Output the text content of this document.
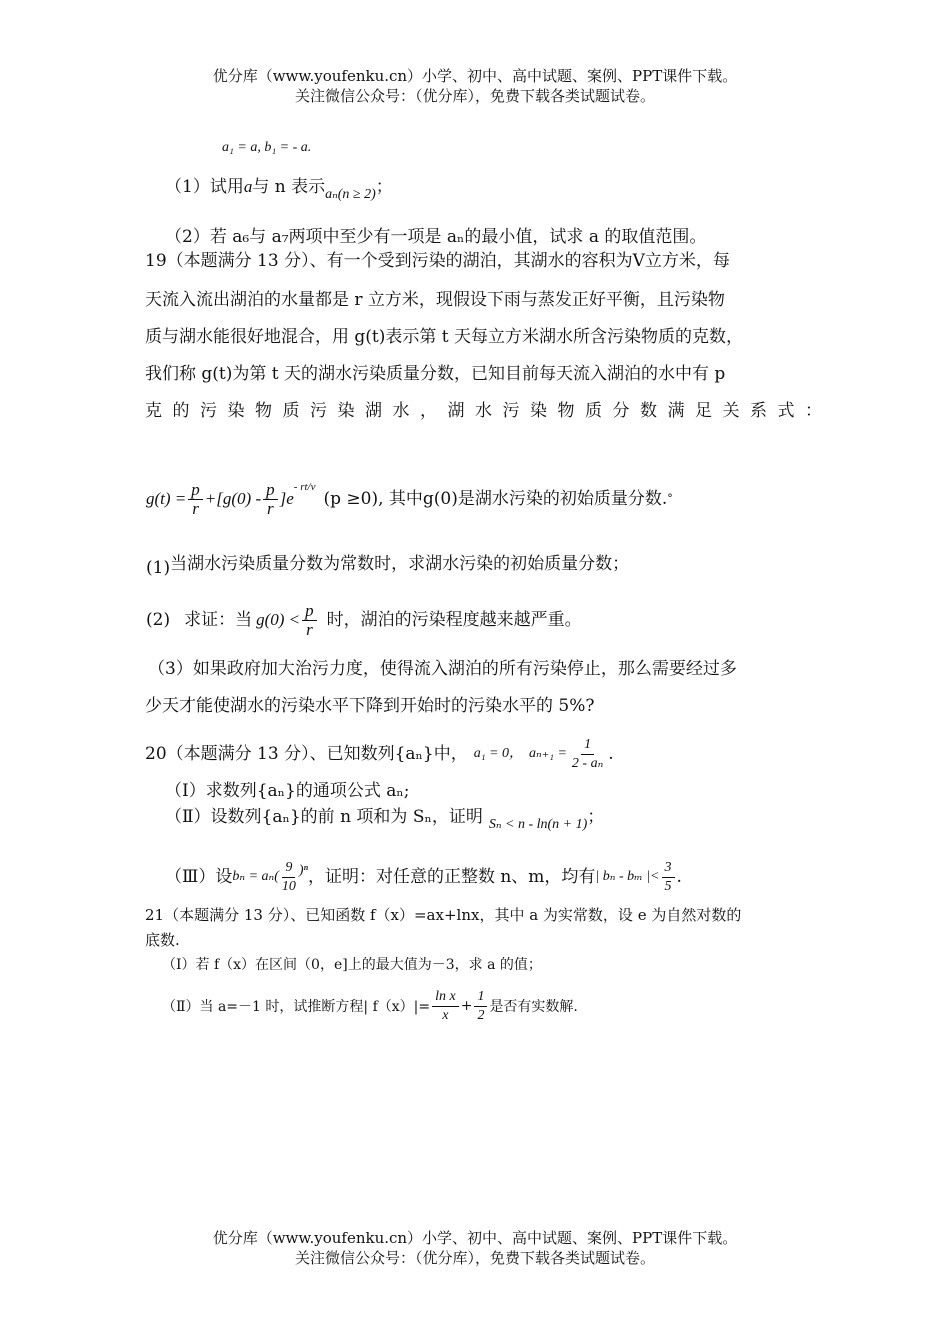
优分库（www.youfenku.cn）小学、初中、高中试题、案例、PPT课件下载。
关注微信公众号：（优分库），免费下载各类试题试卷。
a₁ = a, b₁ = - a.
（1）试用a与 n 表示$_{a_n(n \ge 2)}$；
（2）若 a₆与 a₇两项中至少有一项是 aₙ的最小值，试求 a 的取值范围。
19（本题满分 13 分）、有一个受到污染的湖泊，其湖水的容积为Ⅴ立方米，每
天流入流出湖泊的水量都是 r 立方米，现假设下雨与蒸发正好平衡，且污染物
质与湖水能很好地混合，用 g(t)表示第 t 天每立方米湖水所含污染物质的克数，
我们称 g(t)为第 t 天的湖水污染质量分数，已知目前每天流入湖泊的水中有 p
克的污染物质污染湖水，湖水污染物质分数满足关系式：
$g(t) = \frac{p}{r} +[g(0) - \frac{p}{r} ]e$
$^{- rt/v}$
(p ≥0), 其中g(0)是湖水污染的初始质量分数. °
(1)当湖水污染质量分数为常数时，求湖水污染的初始质量分数；
(2) 求证：当 $g(0) < \frac{p}{r}$ 时，湖泊的污染程度越来越严重。
（3）如果政府加大治污力度，使得流入湖泊的所有污染停止，那么需要经过多
少天才能使湖水的污染水平下降到开始时的污染水平的 5%?
20（本题满分 13 分）、已知数列{aₙ}中， a₁ = 0， $a_{n+1} = \frac{1}{\text{2 - aₙ}}$ .
（Ⅰ）求数列{aₙ}的通项公式 aₙ;
（Ⅱ）设数列{aₙ}的前 n 项和为 Sₙ，证明 $_{S_n < n - ln(n + 1)}$；
（Ⅲ）设 $b_n = a_n( \frac{9}{10} )^n$ ，证明：对任意的正整数 n、m，均有 | bₙ - bₘ |< $\frac{3}{5}$ .
21（本题满分 13 分）、已知函数 f（x）=ax+lnx，其中 a 为实常数，设 e 为自然对数的
底数.
（Ⅰ）若 f（x）在区间（0，e]上的最大值为－3，求 a 的值；
（Ⅱ）当 a=－1 时，试推断方程| $f(x)|= \frac{\text{ln x}}{x} + \frac{1}{2}$ 是否有实数解.
优分库（www.youfenku.cn）小学、初中、高中试题、案例、PPT课件下载。
关注微信公众号：（优分库），免费下载各类试题试卷。
